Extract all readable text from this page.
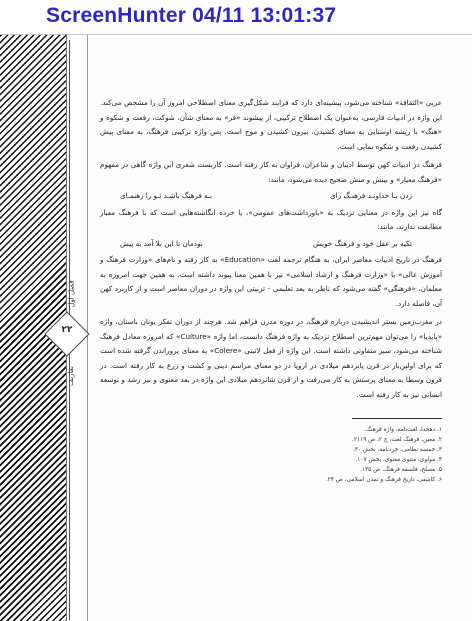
ScreenHunter 04/11 13:01:37
۲۲
فصل اول
تعاریف

عربی «الثقافة» شناخته می‌شود، پیشینه‌ای دارد که فرایند شکل‌گیری معنای اصطلاحی امروز آن را مشخص می‌کند. این واژه در ادبیات فارسی، به‌عنوان یک اصطلاح ترکیبی، از پیشوند «فر» به معنای شأن، شوکت، رفعت و شکوه و «هنگ» با ریشه اوستایی به معنای کشیدن، بیرون کشیدن و موج است. پس واژه ترکیبی فرهنگ، به معنای پیش کشیدن رفعت و شکوه نمایی است.

فرهنگ در ادبیات کهن توسط ادیبان و شاعران، فراوان به کار رفته است. کاربست شعری این واژه گاهی در مفهوم «فرهنگ معیار» و بینش و منش صحیح دیده می‌شود، مانند:

زدن بـا خداونـد فرهنـگ رای
بـه فرهنگ باشـد تـو را رهنمـای

گاه نیز این واژه در معنایی نزدیک به «باورداشت‌های عمومی»، یا خرده انگاشته‌هایی است که با فرهنگ معیار مطابقت ندارند، مانند:

تکیه بر عقل خود و فرهنگ خویش
بودمان تا این بلا آمد به پیش

فرهنگ در تاریخ ادبیات معاصر ایران، به هنگام ترجمه لغت «Education» به کار رفته و نام‌های «وزارت فرهنگ و آموزش عالی» یا «وزارت فرهنگ و ارشاد اسلامی» نیز با همین معنا پیوند داشته است. به همین جهت امروزه به معلمان، «فرهنگی» گفته می‌شود که ناظر به بعد تعلیمی - تربیتی این واژه در دوران معاصر است و از کاربرد کهن آن، فاصله دارد.

در مغرب‌زمین بستر اندیشیدن درباره فرهنگ، در دوره مدرن فراهم شد. هرچند از دوران تفکر یونان باستان، واژه «پایدیا» را می‌توان مهم‌ترین اصطلاح نزدیک به واژه فرهنگ دانست، اما واژه «Culture» که امروزه معادل فرهنگ شناخته می‌شود، سیر متفاوتی داشته است. این واژه از فعل لاتینی «Colere» به معنای پروراندن گرفته شده است که برای اولین‌بار در قرن پانزدهم میلادی در اروپا در دو معنای مراسم دینی و کشت و زرع به کار رفته است. در قرون وسطا به معنای پرستش به کار می‌رفت و از قرن شانزدهم میلادی این واژه در بعد معنوی و نیز رشد و توسعه انسانی نیز به کار رفته است.

۱. دهخدا، لغت‌نامه، واژه فرهنگ.
۲. معین، فرهنگ لغت، ج ۲، ص ۲۱۱۹.
۳. خمسه نظامی، خردنامه، بخش ۳۰.
۴. مولوی، مثنوی معنوی، بخش ۱۰۷.
۵. مصلح، فلسفه فرهنگ، ص ۱۳۵.
۶. کاشفی، تاریخ فرهنگ و تمدن اسلامی، ص ۲۴.
